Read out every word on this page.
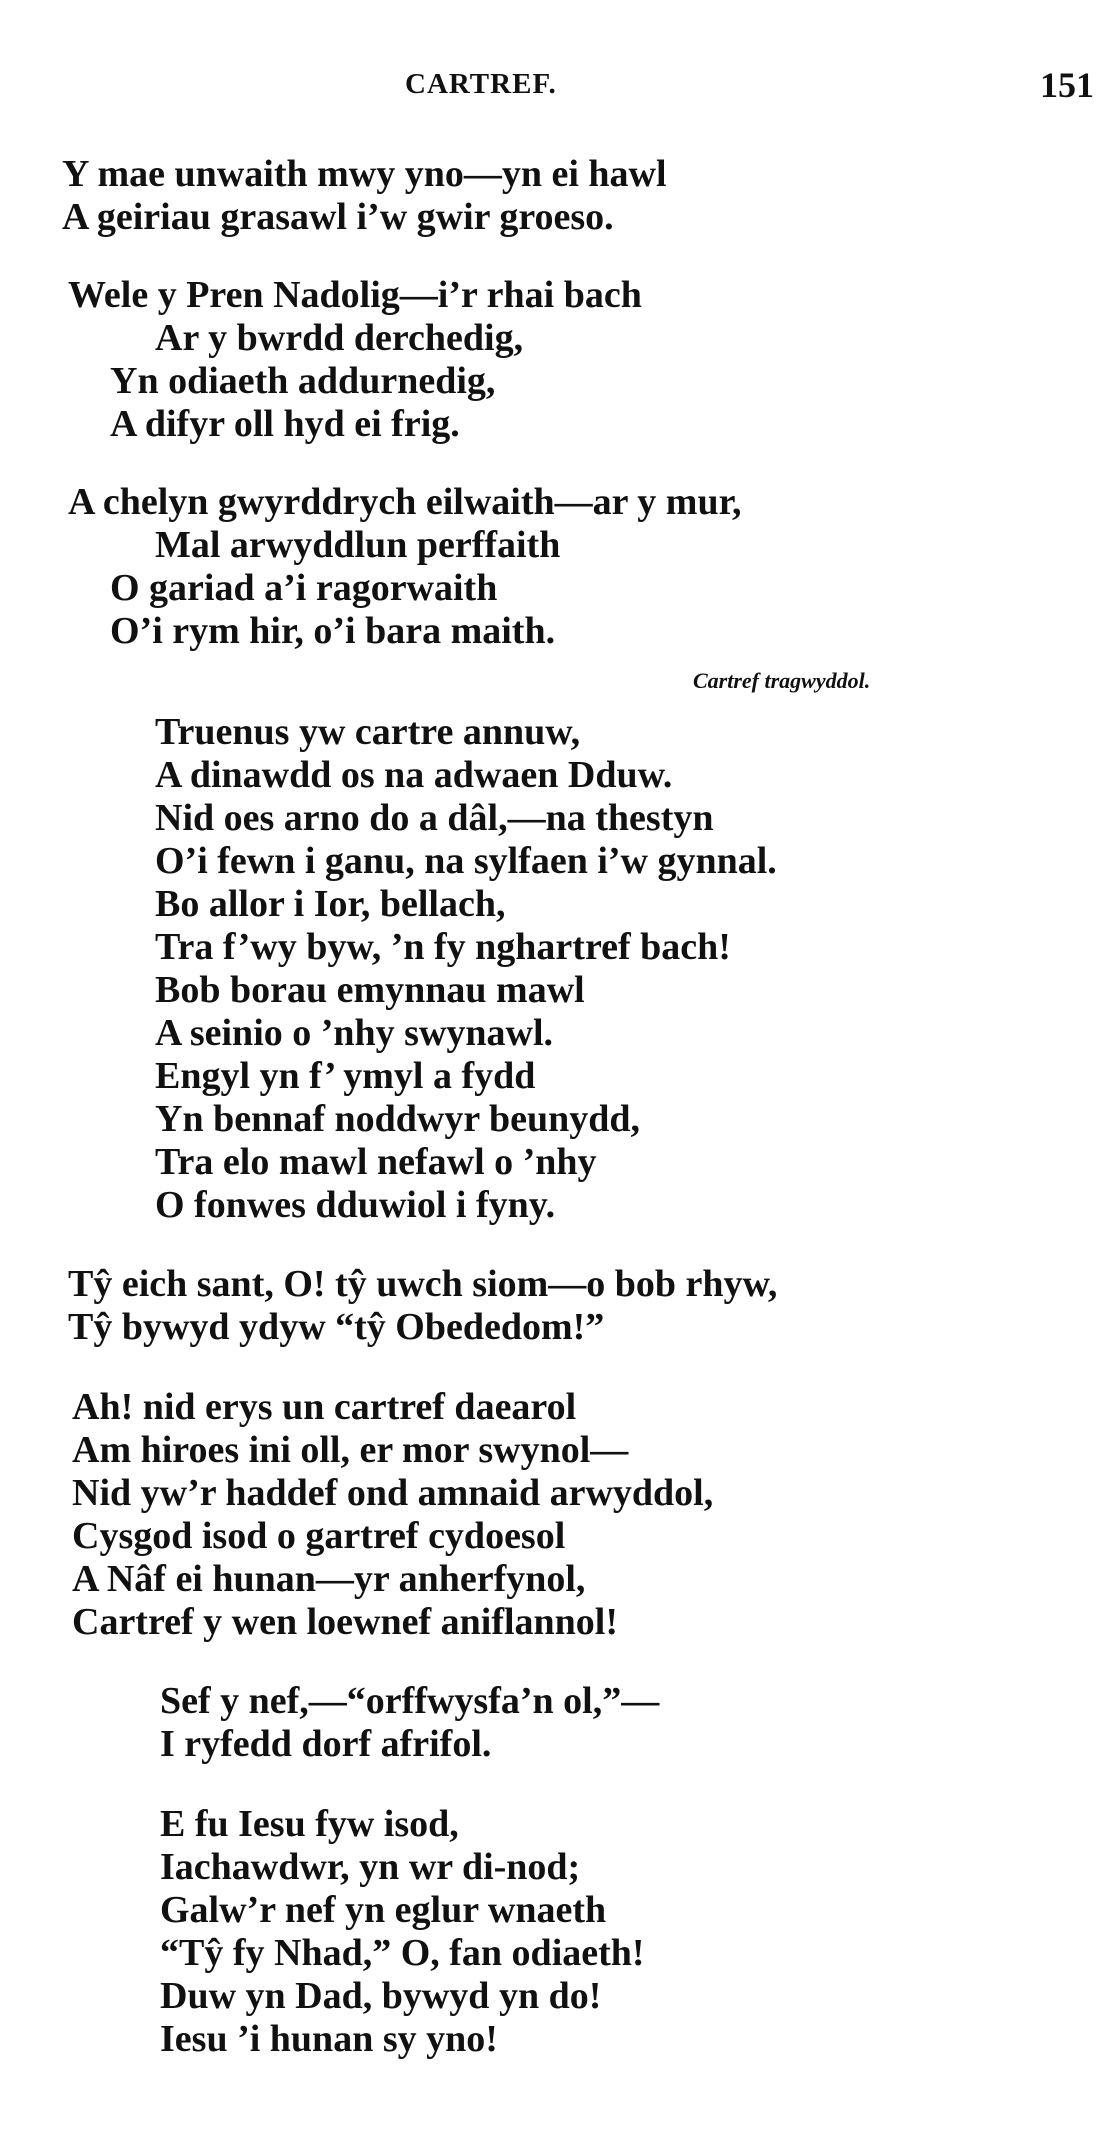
CARTREF.	151
Y mae unwaith mwy yno—yn ei hawl
A geiriau grasawl i’w gwir groeso.
Wele y Pren Nadolig—i’r rhai bach
Ar y bwrdd derchedig,
Yn odiaeth addurnedig,
A difyr oll hyd ei frig.
A chelyn gwyrddrych eilwaith—ar y mur,
Mal arwyddlun perffaith
O gariad a’i ragorwaith
O’i rym hir, o’i bara maith.
Cartref tragwyddol.
Truenus yw cartre annuw,
A dinawdd os na adwaen Dduw.
Nid oes arno do a dâl,—na thestyn
O’i fewn i ganu, na sylfaen i’w gynnal.
Bo allor i Ior, bellach,
Tra f’wy byw, ’n fy nghartref bach!
Bob borau emynnau mawl
A seinio o ’nhy swynawl.
Engyl yn f’ ymyl a fydd
Yn bennaf noddwyr beunydd,
Tra elo mawl nefawl o ’nhy
O fonwes dduwiol i fyny.
Tŷ eich sant, O! tŷ uwch siom—o bob rhyw,
Tŷ bywyd ydyw “tŷ Obededom!”
Ah! nid erys un cartref daearol
Am hiroes ini oll, er mor swynol—
Nid yw’r haddef ond amnaid arwyddol,
Cysgod isod o gartref cydoesol
A Nâf ei hunan—yr anherfynol,
Cartref y wen loewnef aniflannol!
Sef y nef,—“orffwysfa’n ol,”—
I ryfedd dorf afrifol.
E fu Iesu fyw isod,
Iachawdwr, yn wr di-nod;
Galw’r nef yn eglur wnaeth
“Tŷ fy Nhad,” O, fan odiaeth!
Duw yn Dad, bywyd yn do!
Iesu ’i hunan sy yno!
